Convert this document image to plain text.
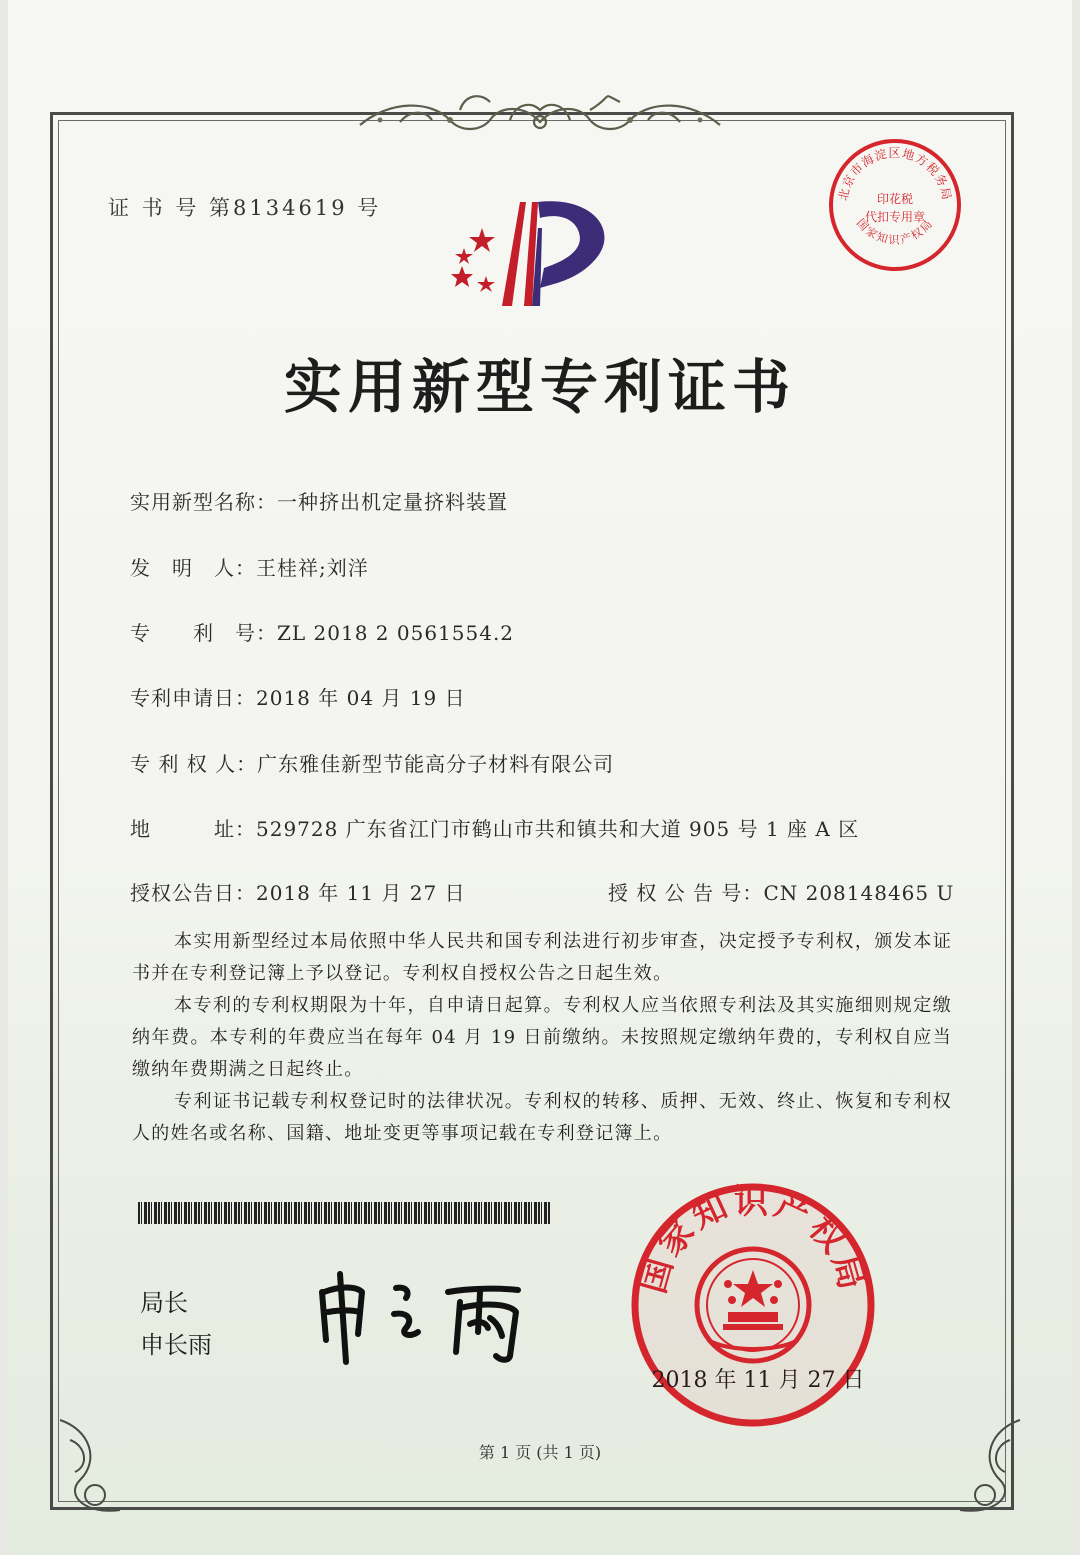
证 书 号 第8134619 号
北京市海淀区地方税务局
印花税
代扣专用章
国家知识产权局
实用新型专利证书
实用新型名称：一种挤出机定量挤料装置
发　明　人：王桂祥;刘洋
专　　利　号：ZL 2018 2 0561554.2
专利申请日：2018 年 04 月 19 日
专 利 权 人：广东雅佳新型节能高分子材料有限公司
地　　　址：529728 广东省江门市鹤山市共和镇共和大道 905 号 1 座 A 区
授权公告日：2018 年 11 月 27 日	授 权 公 告 号：CN 208148465 U

本实用新型经过本局依照中华人民共和国专利法进行初步审查，决定授予专利权，颁发本证书并在专利登记簿上予以登记。专利权自授权公告之日起生效。

本专利的专利权期限为十年，自申请日起算。专利权人应当依照专利法及其实施细则规定缴纳年费。本专利的年费应当在每年 04 月 19 日前缴纳。未按照规定缴纳年费的，专利权自应当缴纳年费期满之日起终止。

专利证书记载专利权登记时的法律状况。专利权的转移、质押、无效、终止、恢复和专利权人的姓名或名称、国籍、地址变更等事项记载在专利登记簿上。

局长
申长雨
国家知识产权局
2018 年 11 月 27 日
第 1 页 (共 1 页)
